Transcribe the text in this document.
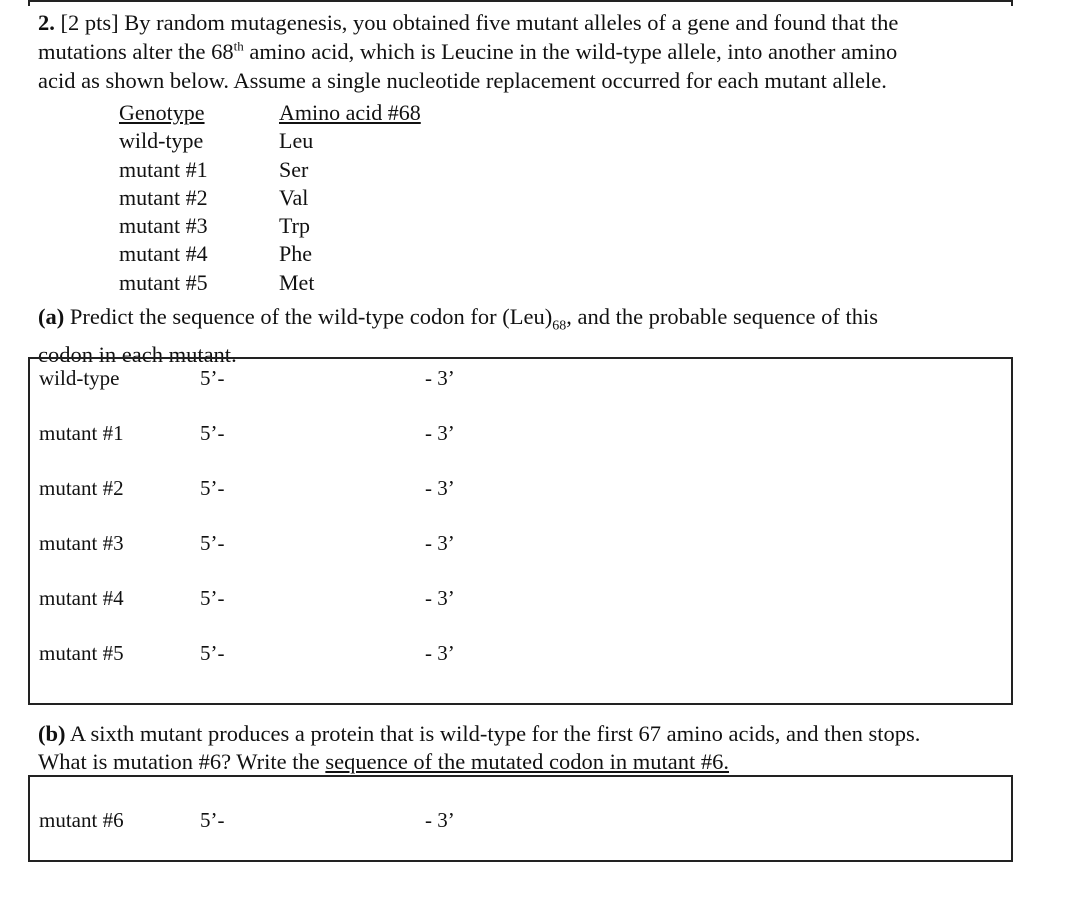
2. [2 pts] By random mutagenesis, you obtained five mutant alleles of a gene and found that the
mutations alter the 68th amino acid, which is Leucine in the wild-type allele, into another amino
acid as shown below. Assume a single nucleotide replacement occurred for each mutant allele.
Genotype	Amino acid #68
wild-type	Leu
mutant #1	Ser
mutant #2	Val
mutant #3	Trp
mutant #4	Phe
mutant #5	Met
(a) Predict the sequence of the wild-type codon for $(Leu)_{68}$, and the probable sequence of this
codon in each mutant.
wild-type	5’-	- 3’
mutant #1	5’-	- 3’
mutant #2	5’-	- 3’
mutant #3	5’-	- 3’
mutant #4	5’-	- 3’
mutant #5	5’-	- 3’
(b) A sixth mutant produces a protein that is wild-type for the first 67 amino acids, and then stops.
What is mutation #6? Write the sequence of the mutated codon in mutant #6.
mutant #6	5’-	- 3’
